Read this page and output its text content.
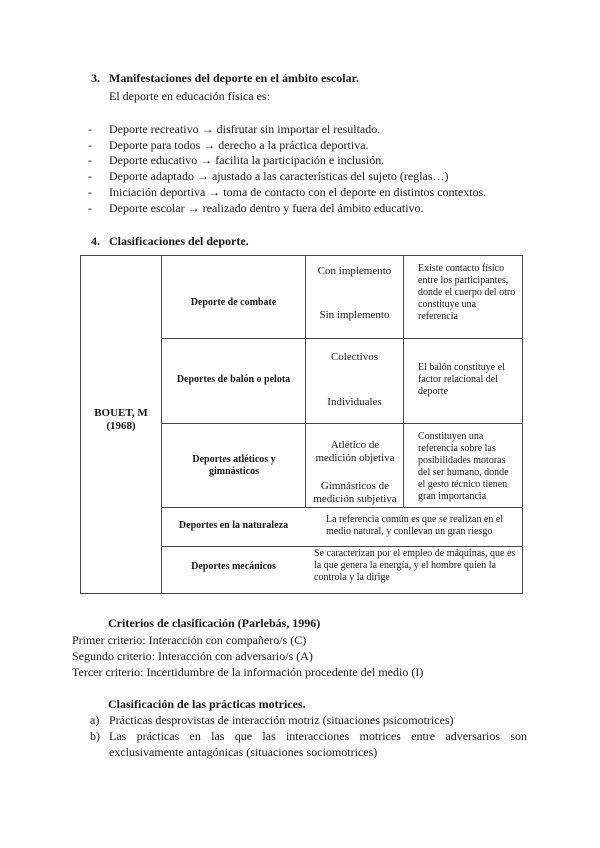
3. Manifestaciones del deporte en el ámbito escolar.
El deporte en educación física es:
- Deporte recreativo → disfrutar sin importar el resultado.
- Deporte para todos → derecho a la práctica deportiva.
- Deporte educativo → facilita la participación e inclusión.
- Deporte adaptado → ajustado a las características del sujeto (reglas…)
- Iniciación deportiva → toma de contacto con el deporte en distintos contextos.
- Deporte escolar → realizado dentro y fuera del ámbito educativo.
4. Clasificaciones del deporte.
BOUET, M
(1968)
Deporte de combate
Con implemento
Sin implemento
Existe contacto físico entre los participantes, donde el cuerpo del otro constituye una referencia
Deportes de balón o pelota
Colectivos
Individuales
El balón constituye el factor relacional del deporte
Deportes atléticos y gimnásticos
Atlético de medición objetiva
Gimnásticos de medición subjetiva
Constituyen una referencia sobre las posibilidades motoras del ser humano, donde el gesto técnico tienen gran importancia
Deportes en la naturaleza
La referencia común es que se realizan en el medio natural, y conllevan un gran riesgo
Deportes mecánicos
Se caracterizan por el empleo de máquinas, que es la que genera la energía, y el hombre quien la controla y la dirige
Criterios de clasificación (Parlebás, 1996)
Primer criterio: Interacción con compañero/s (C)
Segundo criterio: Interacción con adversario/s (A)
Tercer criterio: Incertidumbre de la información procedente del medio (I)
Clasificación de las prácticas motrices.
a) Prácticas desprovistas de interacción motriz (situaciones psicomotrices)
b) Las prácticas en las que las interacciones motrices entre adversarios son
exclusivamente antagónicas (situaciones sociomotrices)
